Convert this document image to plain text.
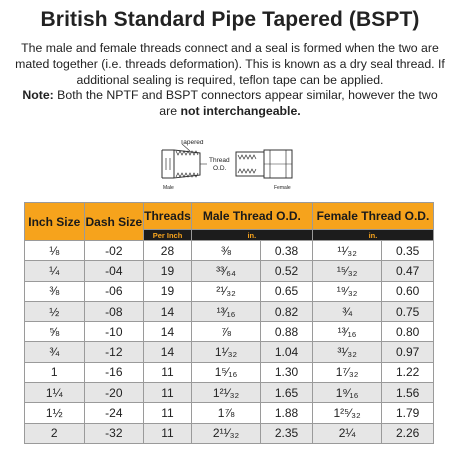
British Standard Pipe Tapered (BSPT)
The male and female threads connect and a seal is formed when the two are mated together (i.e. threads deformation). This is known as a dry seal thread. If additional sealing is required, teflon tape can be applied.
Note: Both the NPTF and BSPT connectors appear similar, however the two are not interchangeable.
Tapered
Thread
O.D.
Male	Female
Inch Size	Dash Size	Threads	Male Thread O.D.		Female Thread O.D.	
		Per Inch	in.		in.	
⅛	-02	28	⅜	0.38	¹¹⁄₃₂	0.35
¼	-04	19	³³⁄₆₄	0.52	¹⁵⁄₃₂	0.47
⅜	-06	19	²¹⁄₃₂	0.65	¹⁹⁄₃₂	0.60
½	-08	14	¹³⁄₁₆	0.82	¾	0.75
⅝	-10	14	⅞	0.88	¹³⁄₁₆	0.80
¾	-12	14	1¹⁄₃₂	1.04	³¹⁄₃₂	0.97
1	-16	11	1⁵⁄₁₆	1.30	1⁷⁄₃₂	1.22
1¼	-20	11	1²¹⁄₃₂	1.65	1⁹⁄₁₆	1.56
1½	-24	11	1⅞	1.88	1²⁵⁄₃₂	1.79
2	-32	11	2¹¹⁄₃₂	2.35	2¼	2.26
